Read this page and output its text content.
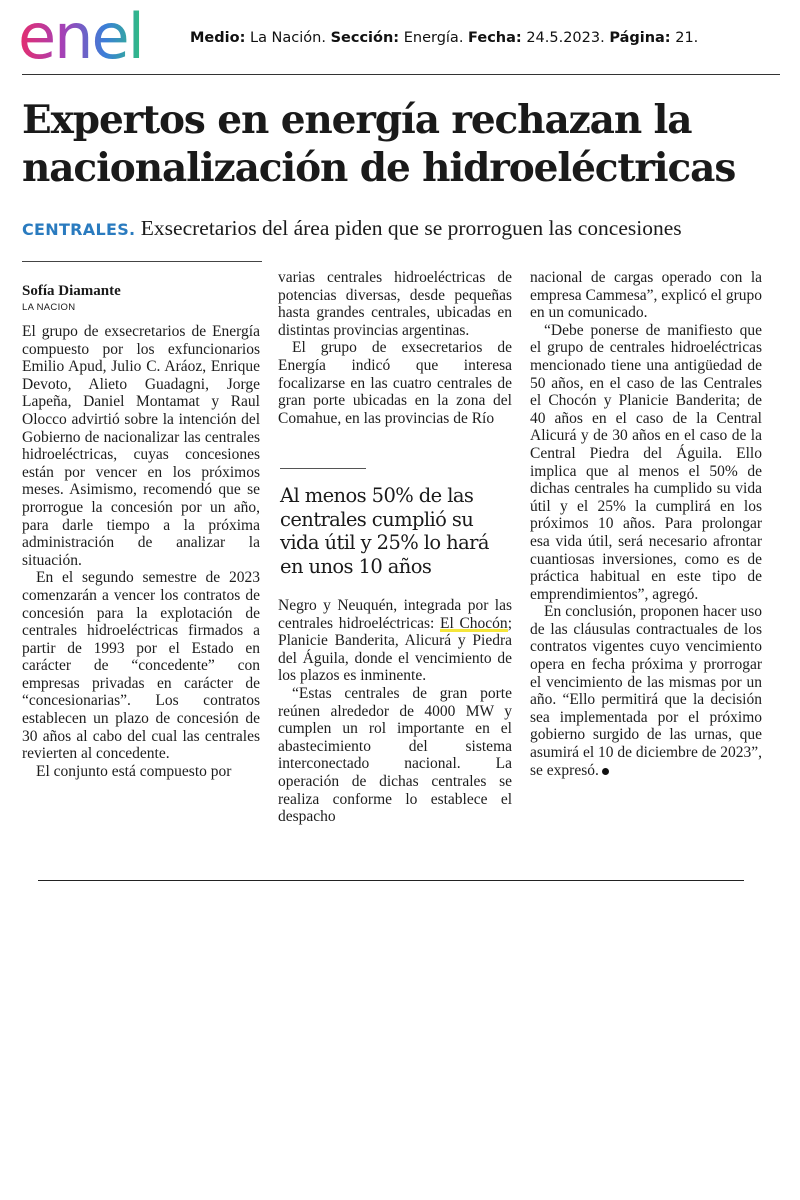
enel	Medio: La Nación. Sección: Energía. Fecha: 24.5.2023. Página: 21.
Expertos en energía rechazan la nacionalización de hidroeléctricas
CENTRALES. Exsecretarios del área piden que se prorroguen las concesiones
Sofía Diamante
LA NACION

El grupo de exsecretarios de Energía compuesto por los exfuncionarios Emilio Apud, Julio C. Aráoz, Enrique Devoto, Alieto Guadagni, Jorge Lapeña, Daniel Montamat y Raul Olocco advirtió sobre la intención del Gobierno de nacionalizar las centrales hidroeléctricas, cuyas concesiones están por vencer en los próximos meses. Asimismo, recomendó que se prorrogue la concesión por un año, para darle tiempo a la próxima administración de analizar la situación.

En el segundo semestre de 2023 comenzarán a vencer los contratos de concesión para la explotación de centrales hidroeléctricas firmados a partir de 1993 por el Estado en carácter de “concedente” con empresas privadas en carácter de “concesionarias”. Los contratos establecen un plazo de concesión de 30 años al cabo del cual las centrales revierten al concedente.

El conjunto está compuesto por

varias centrales hidroeléctricas de potencias diversas, desde pequeñas hasta grandes centrales, ubicadas en distintas provincias argentinas.

El grupo de exsecretarios de Energía indicó que interesa focalizarse en las cuatro centrales de gran porte ubicadas en la zona del Comahue, en las provincias de Río

Al menos 50% de las centrales cumplió su vida útil y 25% lo hará en unos 10 años

Negro y Neuquén, integrada por las centrales hidroeléctricas: El Chocón; Planicie Banderita, Alicurá y Piedra del Águila, donde el vencimiento de los plazos es inminente.

“Estas centrales de gran porte reúnen alrededor de 4000 MW y cumplen un rol importante en el abastecimiento del sistema interconectado nacional. La operación de dichas centrales se realiza conforme lo establece el despacho

nacional de cargas operado con la empresa Cammesa”, explicó el grupo en un comunicado.

“Debe ponerse de manifiesto que el grupo de centrales hidroeléctricas mencionado tiene una antigüedad de 50 años, en el caso de las Centrales el Chocón y Planicie Banderita; de 40 años en el caso de la Central Alicurá y de 30 años en el caso de la Central Piedra del Águila. Ello implica que al menos el 50% de dichas centrales ha cumplido su vida útil y el 25% la cumplirá en los próximos 10 años. Para prolongar esa vida útil, será necesario afrontar cuantiosas inversiones, como es de práctica habitual en este tipo de emprendimientos”, agregó.

En conclusión, proponen hacer uso de las cláusulas contractuales de los contratos vigentes cuyo vencimiento opera en fecha próxima y prorrogar el vencimiento de las mismas por un año. “Ello permitirá que la decisión sea implementada por el próximo gobierno surgido de las urnas, que asumirá el 10 de diciembre de 2023”, se expresó.
